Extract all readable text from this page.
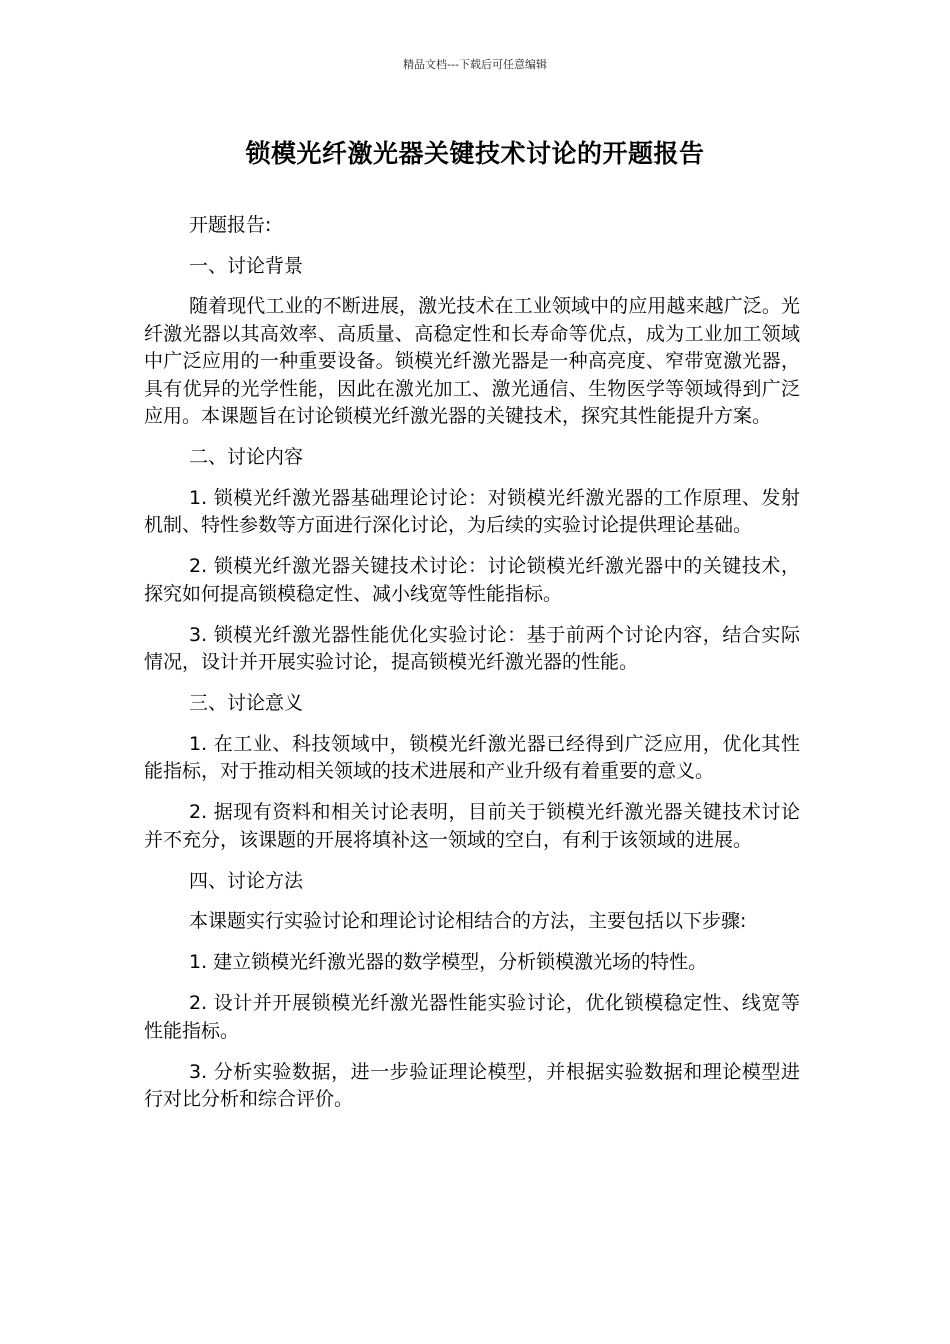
精品文档---下载后可任意编辑
锁模光纤激光器关键技术讨论的开题报告

开题报告:

一、讨论背景

随着现代工业的不断进展，激光技术在工业领域中的应用越来越广泛。光纤激光器以其高效率、高质量、高稳定性和长寿命等优点，成为工业加工领域中广泛应用的一种重要设备。锁模光纤激光器是一种高亮度、窄带宽激光器，具有优异的光学性能，因此在激光加工、激光通信、生物医学等领域得到广泛应用。本课题旨在讨论锁模光纤激光器的关键技术，探究其性能提升方案。

二、讨论内容

1. 锁模光纤激光器基础理论讨论：对锁模光纤激光器的工作原理、发射机制、特性参数等方面进行深化讨论，为后续的实验讨论提供理论基础。

2. 锁模光纤激光器关键技术讨论：讨论锁模光纤激光器中的关键技术，探究如何提高锁模稳定性、减小线宽等性能指标。

3. 锁模光纤激光器性能优化实验讨论：基于前两个讨论内容，结合实际情况，设计并开展实验讨论，提高锁模光纤激光器的性能。

三、讨论意义

1. 在工业、科技领域中，锁模光纤激光器已经得到广泛应用，优化其性能指标，对于推动相关领域的技术进展和产业升级有着重要的意义。

2. 据现有资料和相关讨论表明，目前关于锁模光纤激光器关键技术讨论并不充分，该课题的开展将填补这一领域的空白，有利于该领域的进展。

四、讨论方法

本课题实行实验讨论和理论讨论相结合的方法，主要包括以下步骤:

1. 建立锁模光纤激光器的数学模型，分析锁模激光场的特性。

2. 设计并开展锁模光纤激光器性能实验讨论，优化锁模稳定性、线宽等性能指标。

3. 分析实验数据，进一步验证理论模型，并根据实验数据和理论模型进行对比分析和综合评价。
